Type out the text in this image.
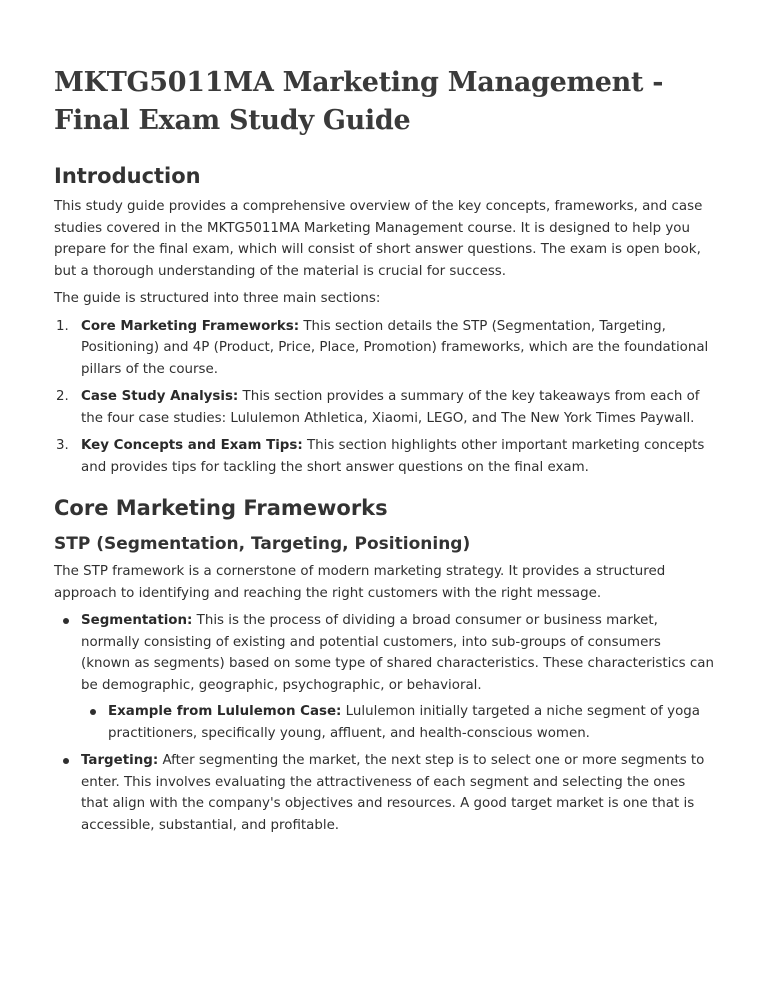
MKTG5011MA Marketing Management - Final Exam Study Guide
Introduction

This study guide provides a comprehensive overview of the key concepts, frameworks, and case studies covered in the MKTG5011MA Marketing Management course. It is designed to help you prepare for the final exam, which will consist of short answer questions. The exam is open book, but a thorough understanding of the material is crucial for success.

The guide is structured into three main sections:

1. Core Marketing Frameworks: This section details the STP (Segmentation, Targeting, Positioning) and 4P (Product, Price, Place, Promotion) frameworks, which are the foundational pillars of the course.
2. Case Study Analysis: This section provides a summary of the key takeaways from each of the four case studies: Lululemon Athletica, Xiaomi, LEGO, and The New York Times Paywall.
3. Key Concepts and Exam Tips: This section highlights other important marketing concepts and provides tips for tackling the short answer questions on the final exam.
Core Marketing Frameworks
STP (Segmentation, Targeting, Positioning)

The STP framework is a cornerstone of modern marketing strategy. It provides a structured approach to identifying and reaching the right customers with the right message.

Segmentation: This is the process of dividing a broad consumer or business market, normally consisting of existing and potential customers, into sub-groups of consumers (known as segments) based on some type of shared characteristics. These characteristics can be demographic, geographic, psychographic, or behavioral.
Example from Lululemon Case: Lululemon initially targeted a niche segment of yoga practitioners, specifically young, affluent, and health-conscious women.
Targeting: After segmenting the market, the next step is to select one or more segments to enter. This involves evaluating the attractiveness of each segment and selecting the ones that align with the company's objectives and resources. A good target market is one that is accessible, substantial, and profitable.
